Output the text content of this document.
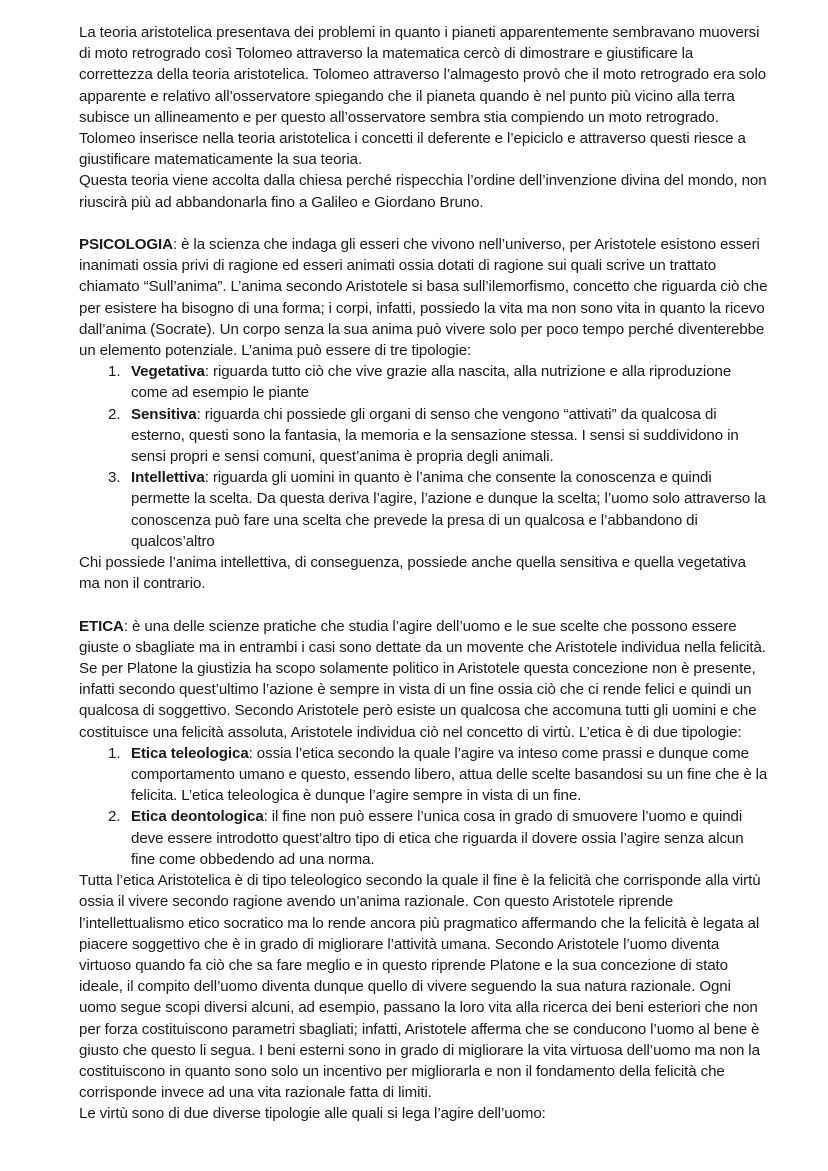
La teoria aristotelica presentava dei problemi in quanto i pianeti apparentemente sembravano muoversi di moto retrogrado così Tolomeo attraverso la matematica cercò di dimostrare e giustificare la correttezza della teoria aristotelica. Tolomeo attraverso l’almagesto provò che il moto retrogrado era solo apparente e relativo all’osservatore spiegando che il pianeta quando è nel punto più vicino alla terra subisce un allineamento e per questo all’osservatore sembra stia compiendo un moto retrogrado. Tolomeo inserisce nella teoria aristotelica i concetti il deferente e l’epiciclo e attraverso questi riesce a giustificare matematicamente la sua teoria.

Questa teoria viene accolta dalla chiesa perché rispecchia l’ordine dell’invenzione divina del mondo, non riuscirà più ad abbandonarla fino a Galileo e Giordano Bruno.

PSICOLOGIA: è la scienza che indaga gli esseri che vivono nell’universo, per Aristotele esistono esseri inanimati ossia privi di ragione ed esseri animati ossia dotati di ragione sui quali scrive un trattato chiamato “Sull’anima”. L’anima secondo Aristotele si basa sull’ilemorfismo, concetto che riguarda ciò che per esistere ha bisogno di una forma; i corpi, infatti, possiedo la vita ma non sono vita in quanto la ricevo dall’anima (Socrate). Un corpo senza la sua anima può vivere solo per poco tempo perché diventerebbe un elemento potenziale. L’anima può essere di tre tipologie:

Vegetativa: riguarda tutto ciò che vive grazie alla nascita, alla nutrizione e alla riproduzione come ad esempio le piante
Sensitiva: riguarda chi possiede gli organi di senso che vengono “attivati” da qualcosa di esterno, questi sono la fantasia, la memoria e la sensazione stessa. I sensi si suddividono in sensi propri e sensi comuni, quest’anima è propria degli animali.
Intellettiva: riguarda gli uomini in quanto è l’anima che consente la conoscenza e quindi permette la scelta. Da questa deriva l’agire, l’azione e dunque la scelta; l’uomo solo attraverso la conoscenza può fare una scelta che prevede la presa di un qualcosa e l’abbandono di qualcos’altro

Chi possiede l’anima intellettiva, di conseguenza, possiede anche quella sensitiva e quella vegetativa ma non il contrario.

ETICA: è una delle scienze pratiche che studia l’agire dell’uomo e le sue scelte che possono essere giuste o sbagliate ma in entrambi i casi sono dettate da un movente che Aristotele individua nella felicità. Se per Platone la giustizia ha scopo solamente politico in Aristotele questa concezione non è presente, infatti secondo quest’ultimo l’azione è sempre in vista di un fine ossia ciò che ci rende felici e quindi un qualcosa di soggettivo. Secondo Aristotele però esiste un qualcosa che accomuna tutti gli uomini e che costituisce una felicità assoluta, Aristotele individua ciò nel concetto di virtù. L’etica è di due tipologie:

Etica teleologica: ossia l’etica secondo la quale l’agire va inteso come prassi e dunque come comportamento umano e questo, essendo libero, attua delle scelte basandosi su un fine che è la felicita. L’etica teleologica è dunque l’agire sempre in vista di un fine.
Etica deontologica: il fine non può essere l’unica cosa in grado di smuovere l’uomo e quindi deve essere introdotto quest’altro tipo di etica che riguarda il dovere ossia l’agire senza alcun fine come obbedendo ad una norma.

Tutta l’etica Aristotelica è di tipo teleologico secondo la quale il fine è la felicità che corrisponde alla virtù ossia il vivere secondo ragione avendo un’anima razionale. Con questo Aristotele riprende l’intellettualismo etico socratico ma lo rende ancora più pragmatico affermando che la felicità è legata al piacere soggettivo che è in grado di migliorare l’attività umana. Secondo Aristotele l’uomo diventa virtuoso quando fa ciò che sa fare meglio e in questo riprende Platone e la sua concezione di stato ideale, il compito dell’uomo diventa dunque quello di vivere seguendo la sua natura razionale. Ogni uomo segue scopi diversi alcuni, ad esempio, passano la loro vita alla ricerca dei beni esteriori che non per forza costituiscono parametri sbagliati; infatti, Aristotele afferma che se conducono l’uomo al bene è giusto che questo li segua. I beni esterni sono in grado di migliorare la vita virtuosa dell’uomo ma non la costituiscono in quanto sono solo un incentivo per migliorarla e non il fondamento della felicità che corrisponde invece ad una vita razionale fatta di limiti.

Le virtù sono di due diverse tipologie alle quali si lega l’agire dell’uomo:
